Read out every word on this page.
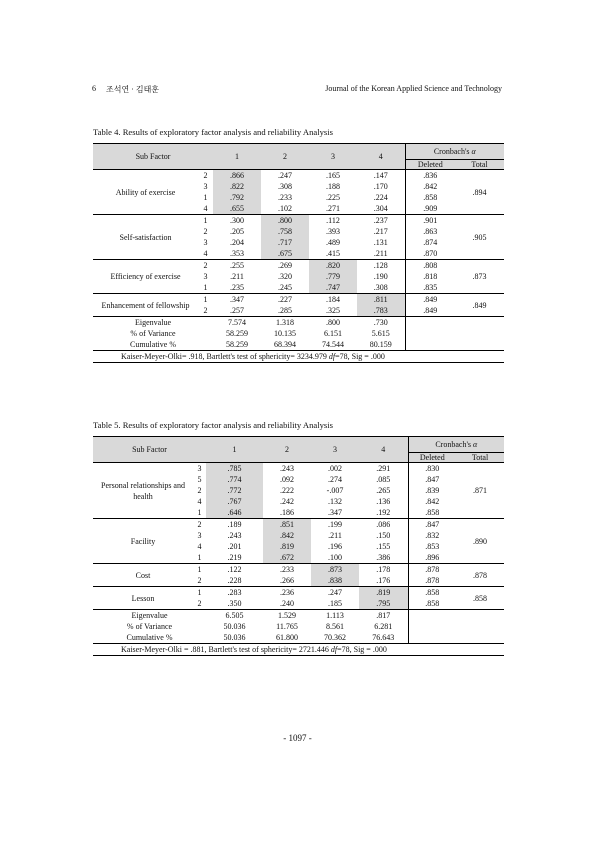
6 조석연 · 김태훈	Journal of the Korean Applied Science and Technology
Table 4. Results of exploratory factor analysis and reliability Analysis
Sub Factor		1	2	3	4	Cronbach's α	
						Deleted	Total
Ability of exercise	2	.866	.247	.165	.147	.836	.894
	3	.822	.308	.188	.170	.842	
	1	.792	.233	.225	.224	.858	
	4	.655	.102	.271	.304	.909	
Self-satisfaction	1	.300	.800	.112	.237	.901	.905
	2	.205	.758	.393	.217	.863	
	3	.204	.717	.489	.131	.874	
	4	.353	.675	.415	.211	.870	
Efficiency of exercise	2	.255	.269	.820	.128	.808	.873
	3	.211	.320	.779	.190	.818	
	1	.235	.245	.747	.308	.835	
Enhancement of fellowship	1	.347	.227	.184	.811	.849	.849
	2	.257	.285	.325	.783	.849	
Eigenvalue		7.574	1.318	.800	.730		
% of Variance		58.259	10.135	6.151	5.615		
Cumulative %		58.259	68.394	74.544	80.159		
Kaiser-Meyer-Olki= .918, Bartlett's test of sphericity= 3234.979 df=78, Sig = .000							
Table 5. Results of exploratory factor analysis and reliability Analysis
Sub Factor		1	2	3	4	Cronbach's α	
						Deleted	Total
Personal relationships and health	3	.785	.243	.002	.291	.830	.871
	5	.774	.092	.274	.085	.847	
	2	.772	.222	-.007	.265	.839	
	4	.767	.242	.132	.136	.842	
	1	.646	.186	.347	.192	.858	
Facility	2	.189	.851	.199	.086	.847	.890
	3	.243	.842	.211	.150	.832	
	4	.201	.819	.196	.155	.853	
	1	.219	.672	.100	.386	.896	
Cost	1	.122	.233	.873	.178	.878	.878
	2	.228	.266	.838	.176	.878	
Lesson	1	.283	.236	.247	.819	.858	.858
	2	.350	.240	.185	.795	.858	
Eigenvalue		6.505	1.529	1.113	.817		
% of Variance		50.036	11.765	8.561	6.281		
Cumulative %		50.036	61.800	70.362	76.643		
Kaiser-Meyer-Olki = .881, Bartlett's test of sphericity= 2721.446 df=78, Sig = .000							
- 1097 -
